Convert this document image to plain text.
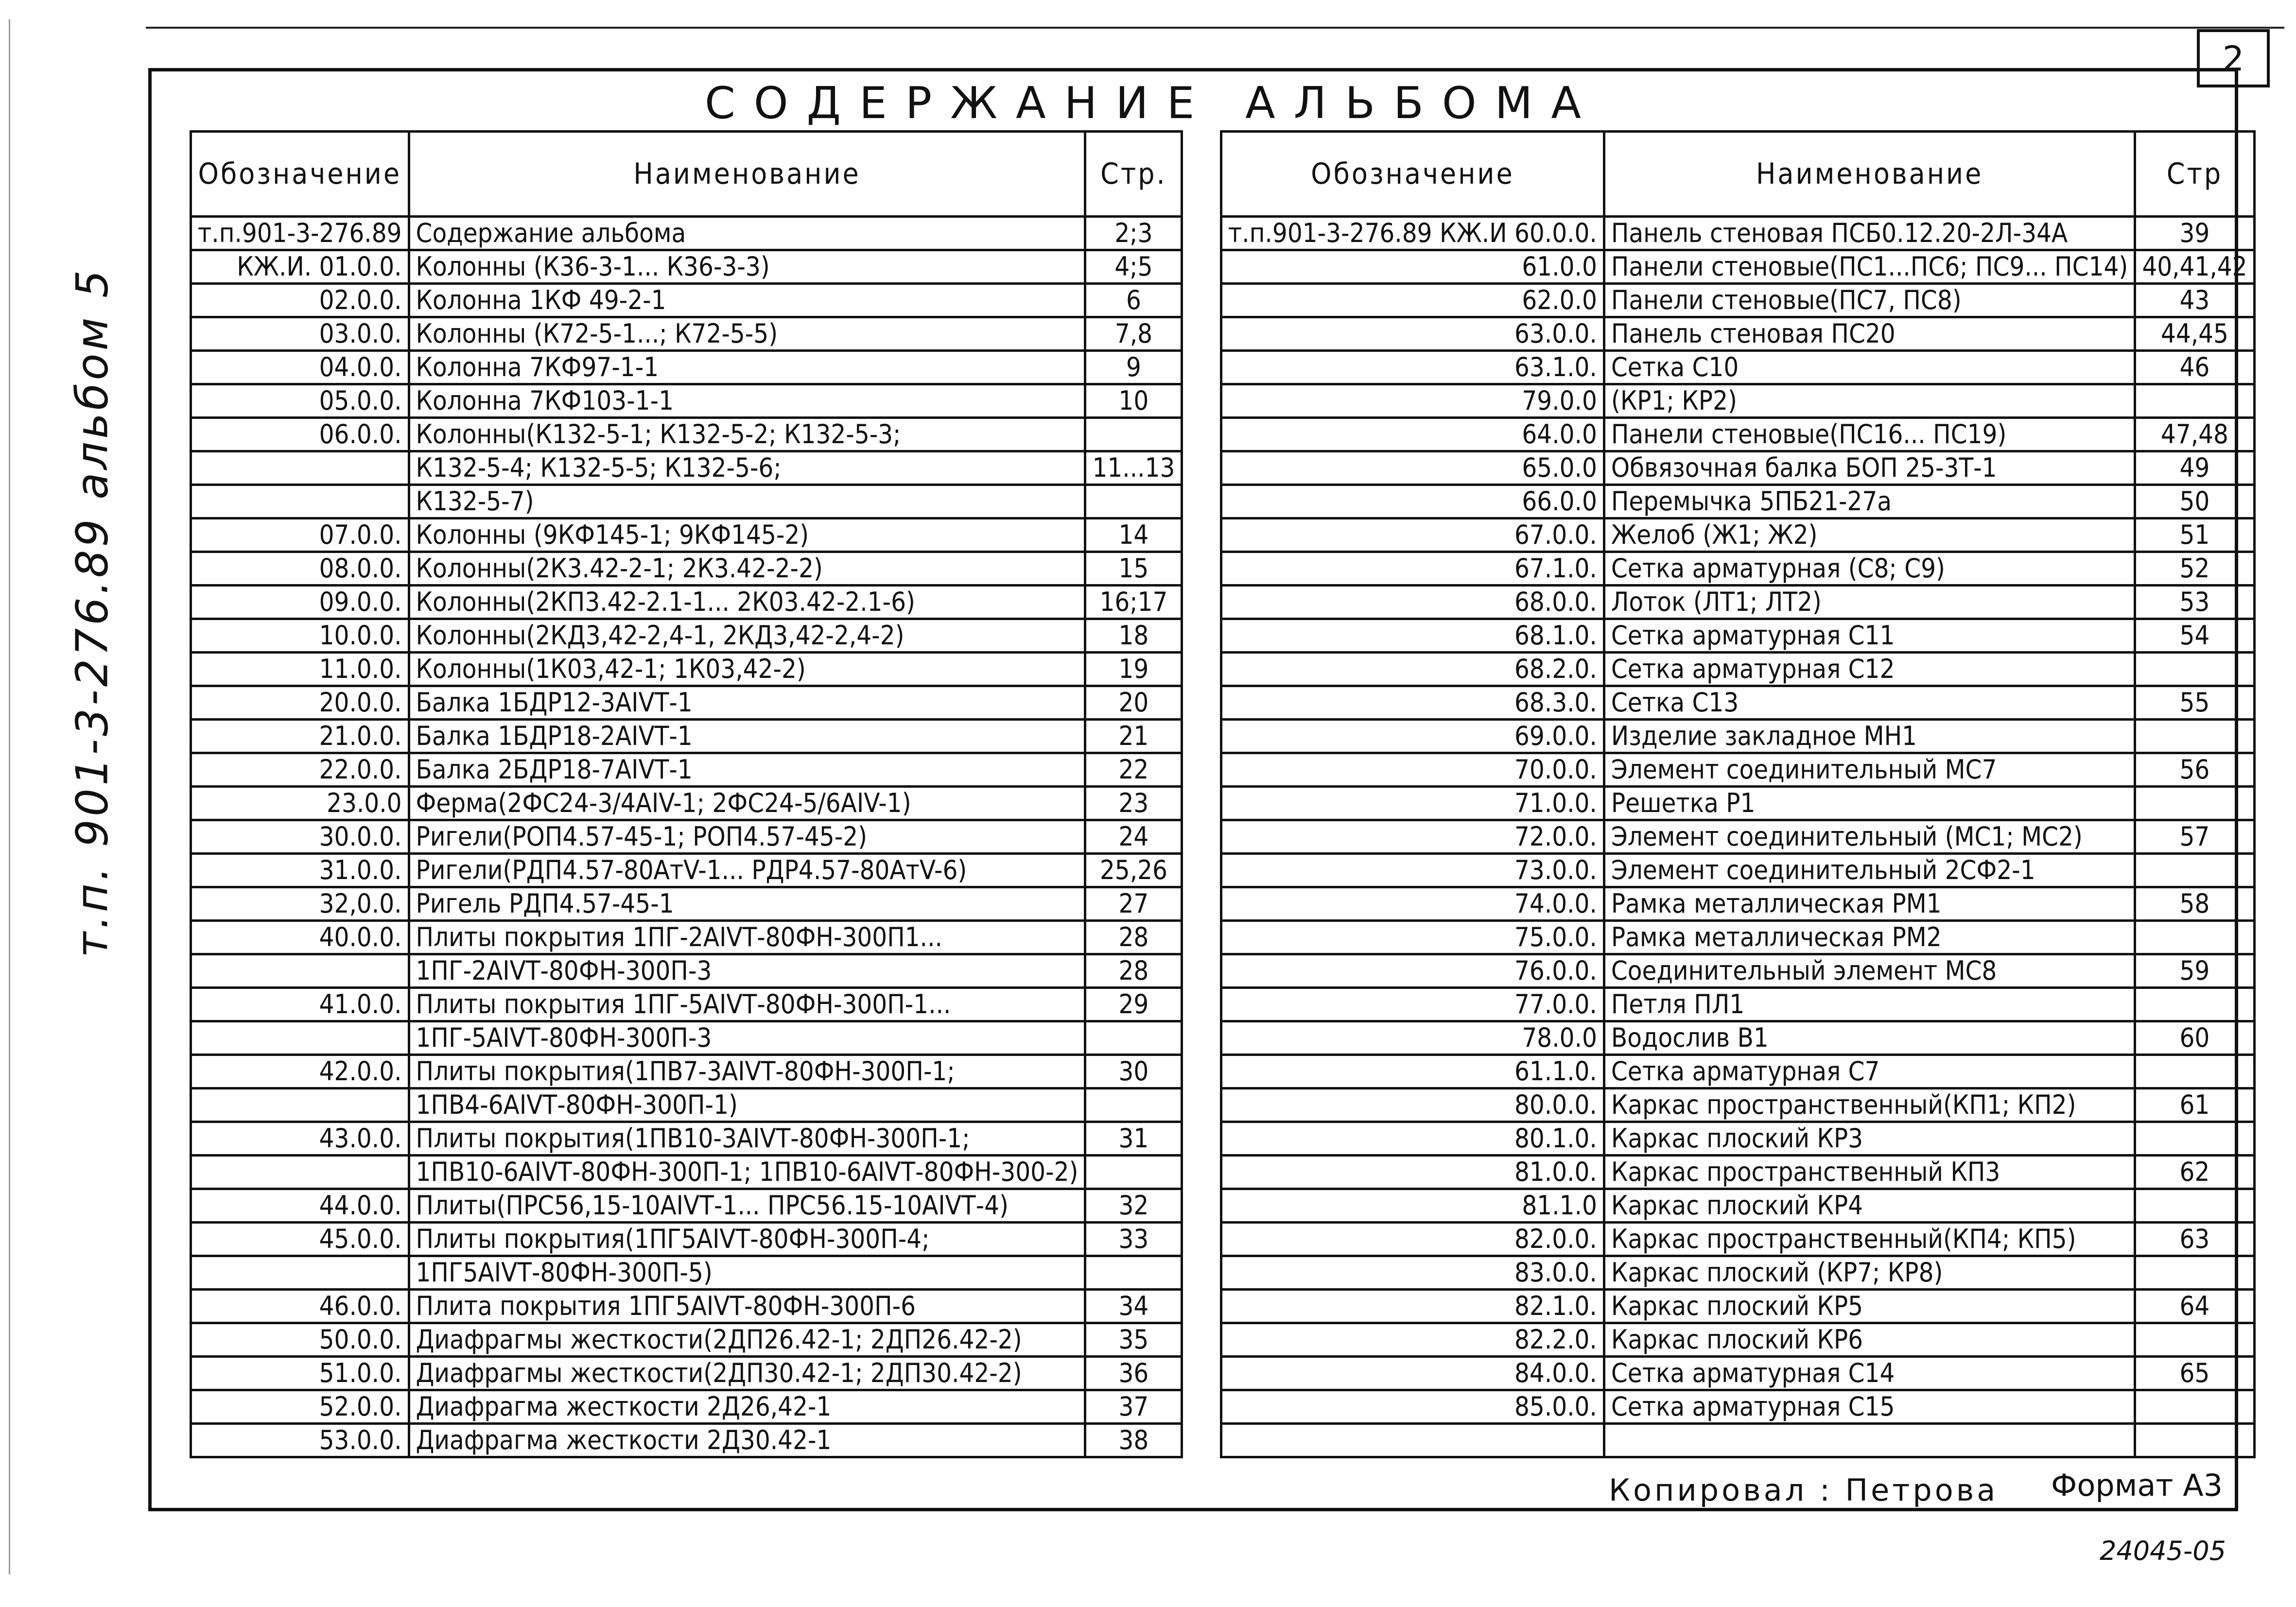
2
т.п. 901-3-276.89 альбом 5
СОДЕРЖАНИЕ АЛЬБОМА
Обозначение	Наименование	Стр.
т.п.901-3-276.89	Содержание альбома	2;3
КЖ.И. 01.0.0.	Колонны (К36-3-1... К36-3-3)	4;5
02.0.0.	Колонна 1КФ 49-2-1	6
03.0.0.	Колонны (К72-5-1...; К72-5-5)	7,8
04.0.0.	Колонна 7КФ97-1-1	9
05.0.0.	Колонна 7КФ103-1-1	10
06.0.0.	Колонны(К132-5-1; К132-5-2; К132-5-3;	
	К132-5-4; К132-5-5; К132-5-6;	11...13
	К132-5-7)	
07.0.0.	Колонны (9КФ145-1; 9КФ145-2)	14
08.0.0.	Колонны(2К3.42-2-1; 2К3.42-2-2)	15
09.0.0.	Колонны(2КП3.42-2.1-1... 2К03.42-2.1-6)	16;17
10.0.0.	Колонны(2КД3,42-2,4-1, 2КД3,42-2,4-2)	18
11.0.0.	Колонны(1К03,42-1; 1К03,42-2)	19
20.0.0.	Балка 1БДР12-3АIVТ-1	20
21.0.0.	Балка 1БДР18-2АIVТ-1	21
22.0.0.	Балка 2БДР18-7АIVТ-1	22
23.0.0	Ферма(2ФС24-3/4АIV-1; 2ФС24-5/6АIV-1)	23
30.0.0.	Ригели(РОП4.57-45-1; РОП4.57-45-2)	24
31.0.0.	Ригели(РДП4.57-80АтV-1... РДР4.57-80АтV-6)	25,26
32,0.0.	Ригель РДП4.57-45-1	27
40.0.0.	Плиты покрытия 1ПГ-2АIVТ-80ФН-300П1...	28
	1ПГ-2АIVТ-80ФН-300П-3	28
41.0.0.	Плиты покрытия 1ПГ-5АIVТ-80ФН-300П-1...	29
	1ПГ-5АIVТ-80ФН-300П-3	
42.0.0.	Плиты покрытия(1ПВ7-3АIVТ-80ФН-300П-1;	30
	1ПВ4-6АIVТ-80ФН-300П-1)	
43.0.0.	Плиты покрытия(1ПВ10-3АIVТ-80ФН-300П-1;	31
	1ПВ10-6АIVТ-80ФН-300П-1; 1ПВ10-6АIVТ-80ФН-300-2)	
44.0.0.	Плиты(ПРС56,15-10АIVТ-1... ПРС56.15-10АIVТ-4)	32
45.0.0.	Плиты покрытия(1ПГ5АIVТ-80ФН-300П-4;	33
	1ПГ5АIVТ-80ФН-300П-5)	
46.0.0.	Плита покрытия 1ПГ5АIVТ-80ФН-300П-6	34
50.0.0.	Диафрагмы жесткости(2ДП26.42-1; 2ДП26.42-2)	35
51.0.0.	Диафрагмы жесткости(2ДП30.42-1; 2ДП30.42-2)	36
52.0.0.	Диафрагма жесткости 2Д26,42-1	37
53.0.0.	Диафрагма жесткости 2Д30.42-1	38
Обозначение	Наименование	Стр
т.п.901-3-276.89 КЖ.И 60.0.0.	Панель стеновая ПСБ0.12.20-2Л-34А	39
61.0.0	Панели стеновые(ПС1...ПС6; ПС9... ПС14)	40,41,42
62.0.0	Панели стеновые(ПС7, ПС8)	43
63.0.0.	Панель стеновая ПС20	44,45
63.1.0.	Сетка С10	46
79.0.0	(КР1; КР2)	
64.0.0	Панели стеновые(ПС16... ПС19)	47,48
65.0.0	Обвязочная балка БОП 25-3Т-1	49
66.0.0	Перемычка 5ПБ21-27а	50
67.0.0.	Желоб (Ж1; Ж2)	51
67.1.0.	Сетка арматурная (С8; С9)	52
68.0.0.	Лоток (ЛТ1; ЛТ2)	53
68.1.0.	Сетка арматурная С11	54
68.2.0.	Сетка арматурная С12	
68.3.0.	Сетка С13	55
69.0.0.	Изделие закладное МН1	
70.0.0.	Элемент соединительный МС7	56
71.0.0.	Решетка Р1	
72.0.0.	Элемент соединительный (МС1; МС2)	57
73.0.0.	Элемент соединительный 2СФ2-1	
74.0.0.	Рамка металлическая РМ1	58
75.0.0.	Рамка металлическая РМ2	
76.0.0.	Соединительный элемент МС8	59
77.0.0.	Петля ПЛ1	
78.0.0	Водослив В1	60
61.1.0.	Сетка арматурная С7	
80.0.0.	Каркас пространственный(КП1; КП2)	61
80.1.0.	Каркас плоский КР3	
81.0.0.	Каркас пространственный КП3	62
81.1.0	Каркас плоский КР4	
82.0.0.	Каркас пространственный(КП4; КП5)	63
83.0.0.	Каркас плоский (КР7; КР8)	
82.1.0.	Каркас плоский КР5	64
82.2.0.	Каркас плоский КР6	
84.0.0.	Сетка арматурная С14	65
85.0.0.	Сетка арматурная С15	

Копировал : Петрова Формат А3
24045-05
